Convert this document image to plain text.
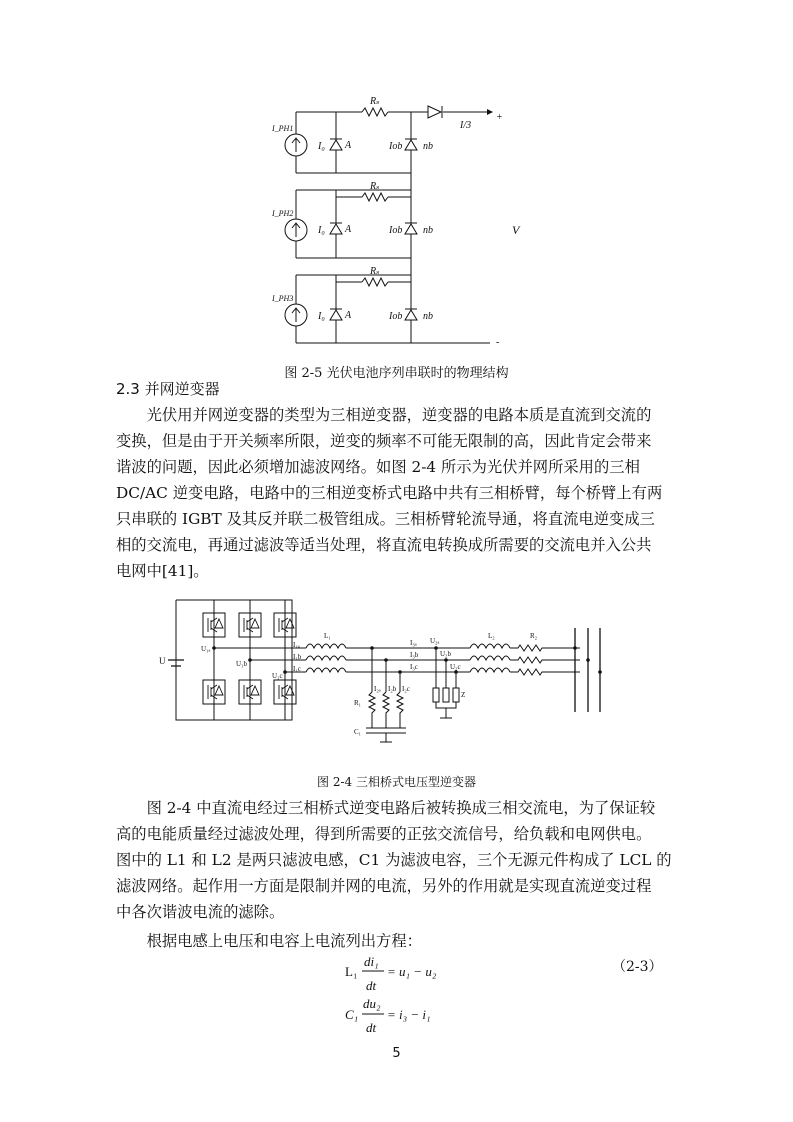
Rₛ
Rₛ
Rₛ
I/3
+
-
V
I_PH1
I_PH2
I_PH3
I₀
I₀
I₀
A
A
A
Iob
Iob
Iob
nb
nb
nb
图 2-5 光伏电池序列串联时的物理结构
2.3 并网逆变器
光伏用并网逆变器的类型为三相逆变器，逆变器的电路本质是直流到交流的
变换，但是由于开关频率所限，逆变的频率不可能无限制的高，因此肯定会带来
谐波的问题，因此必须增加滤波网络。如图 2-4 所示为光伏并网所采用的三相
DC/AC 逆变电路，电路中的三相逆变桥式电路中共有三相桥臂，每个桥臂上有两
只串联的 IGBT 及其反并联二极管组成。三相桥臂轮流导通，将直流电逆变成三
相的交流电，再通过滤波等适当处理，将直流电转换成所需要的交流电并入公共
电网中[41]。
U
U₁ₐ
U₁b
U₁c
L₁	L₂	R₂
I₁ₐ
I₁b
I₁c
I₃ₐ
I₃b
I₃c
U₂ₐ
U₂b
U₂c
I₂ₐ I₂b I₂c
R₁
C₁
Z
图 2-4 三相桥式电压型逆变器
图 2-4 中直流电经过三相桥式逆变电路后被转换成三相交流电，为了保证较
高的电能质量经过滤波处理，得到所需要的正弦交流信号，给负载和电网供电。
图中的 L1 和 L2 是两只滤波电感，C1 为滤波电容，三个无源元件构成了 LCL 的
滤波网络。起作用一方面是限制并网的电流，另外的作用就是实现直流逆变过程
中各次谐波电流的滤除。
根据电感上电压和电容上电流列出方程：
L₁
di₁
dt
= u₁ − u₂
C₁
du₂
dt
= i₃ − i₁
（2-3）
5
